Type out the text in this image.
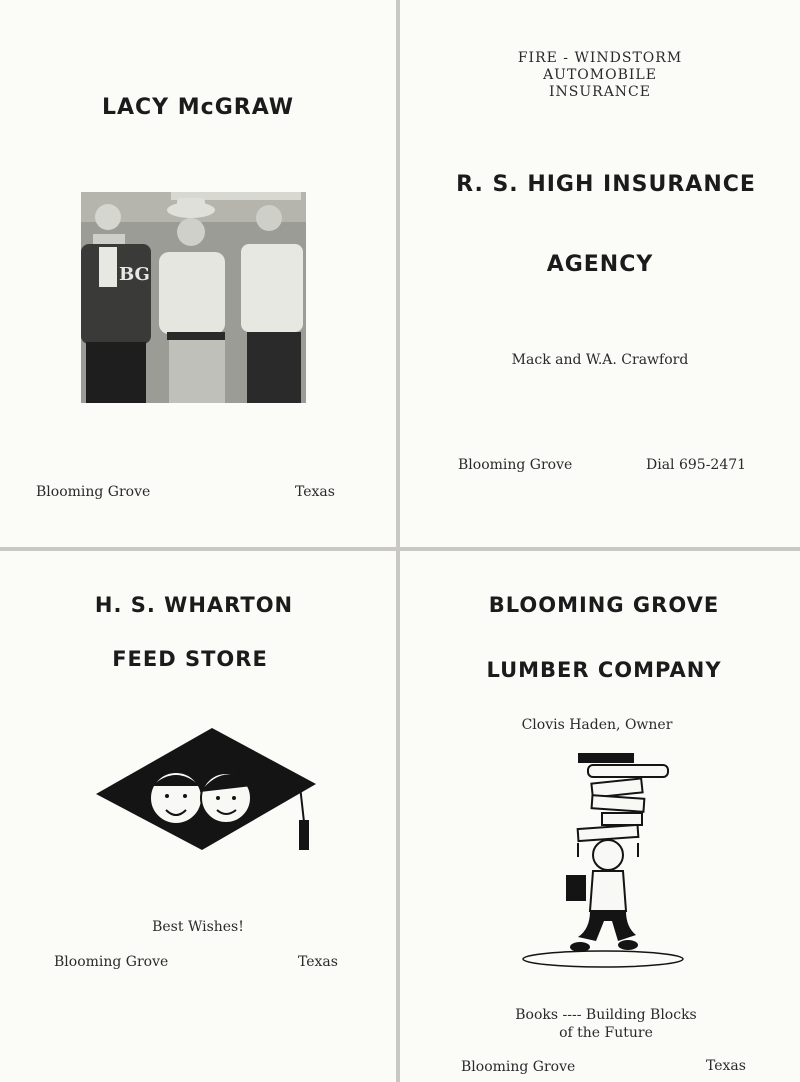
LACY McGRAW
BG
Blooming Grove	Texas
FIRE - WINDSTORM
AUTOMOBILE
INSURANCE
R. S. HIGH INSURANCE
AGENCY
Mack and W.A. Crawford
Blooming Grove	Dial 695-2471
H. S. WHARTON
FEED STORE
Best Wishes!
Blooming Grove	Texas
BLOOMING GROVE
LUMBER COMPANY
Clovis Haden, Owner
Books ---- Building Blocks
of the Future
Blooming Grove	Texas
